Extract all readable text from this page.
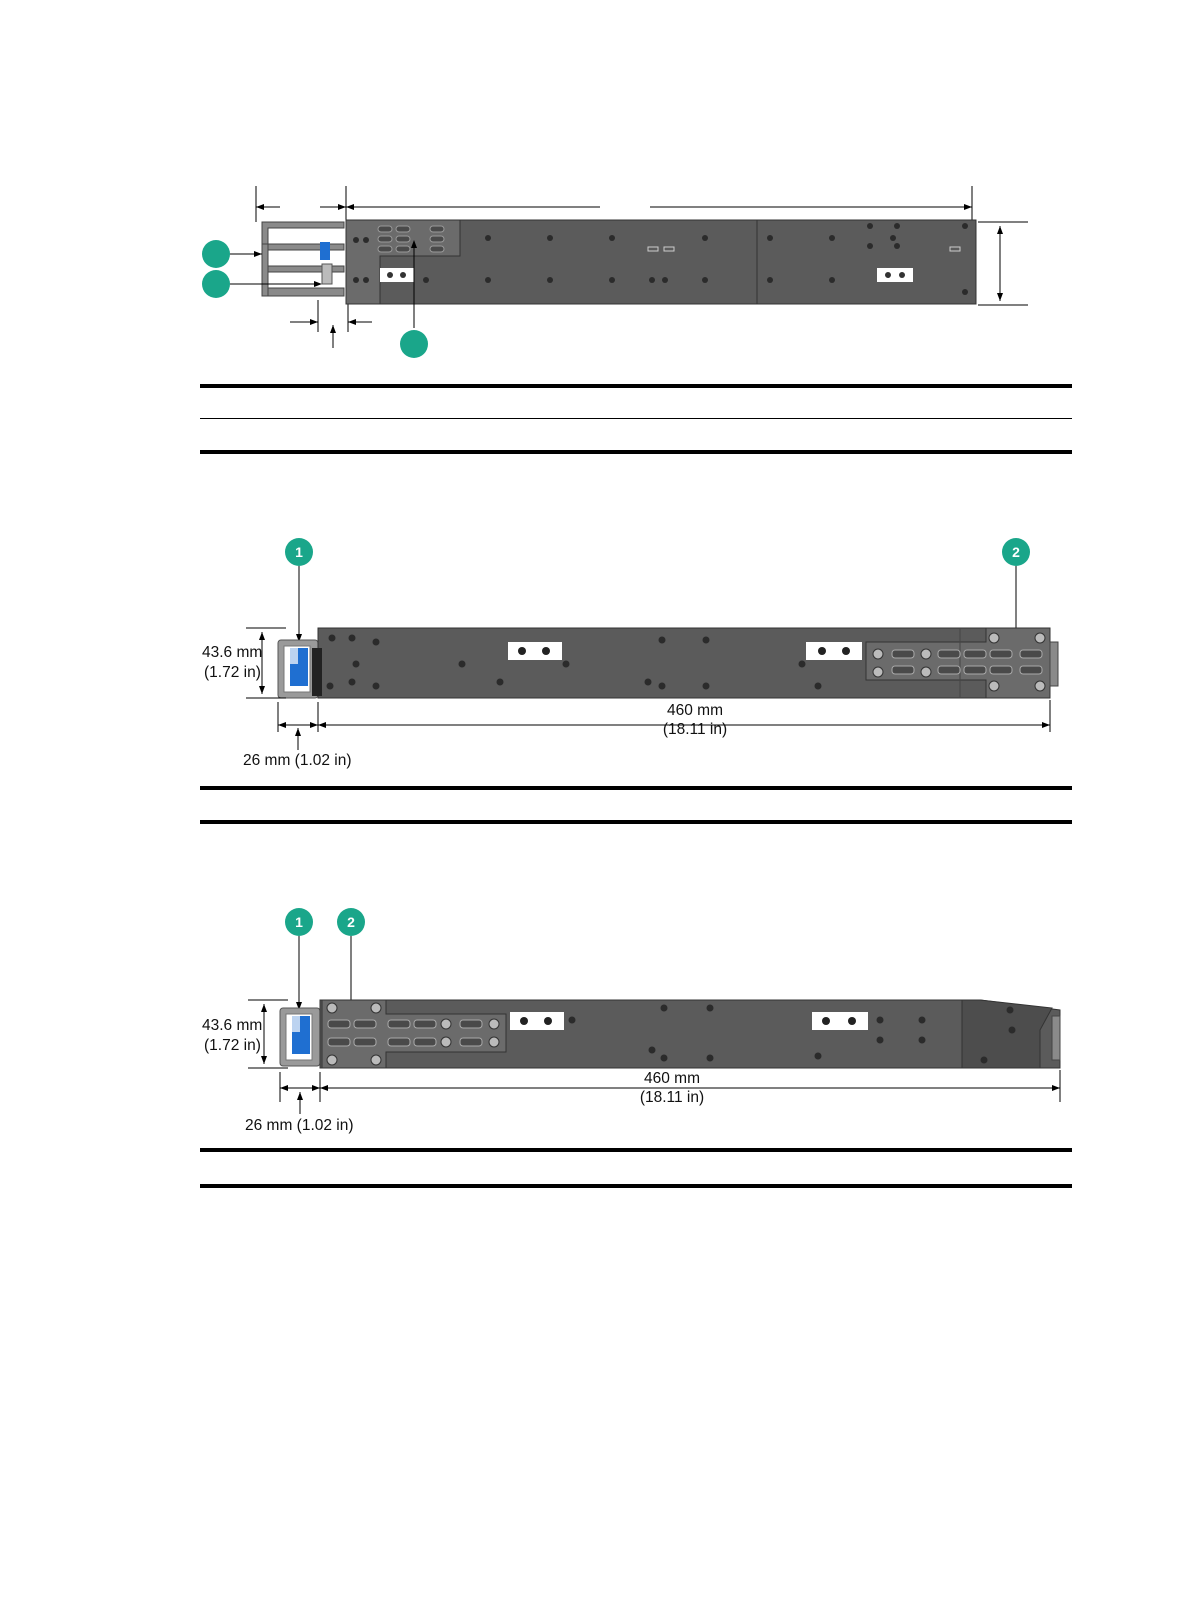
1	2
43.6 mm
(1.72 in)
460 mm
(18.11 in)
26 mm (1.02 in)
1	2
43.6 mm
(1.72 in)
460 mm
(18.11 in)
26 mm (1.02 in)
